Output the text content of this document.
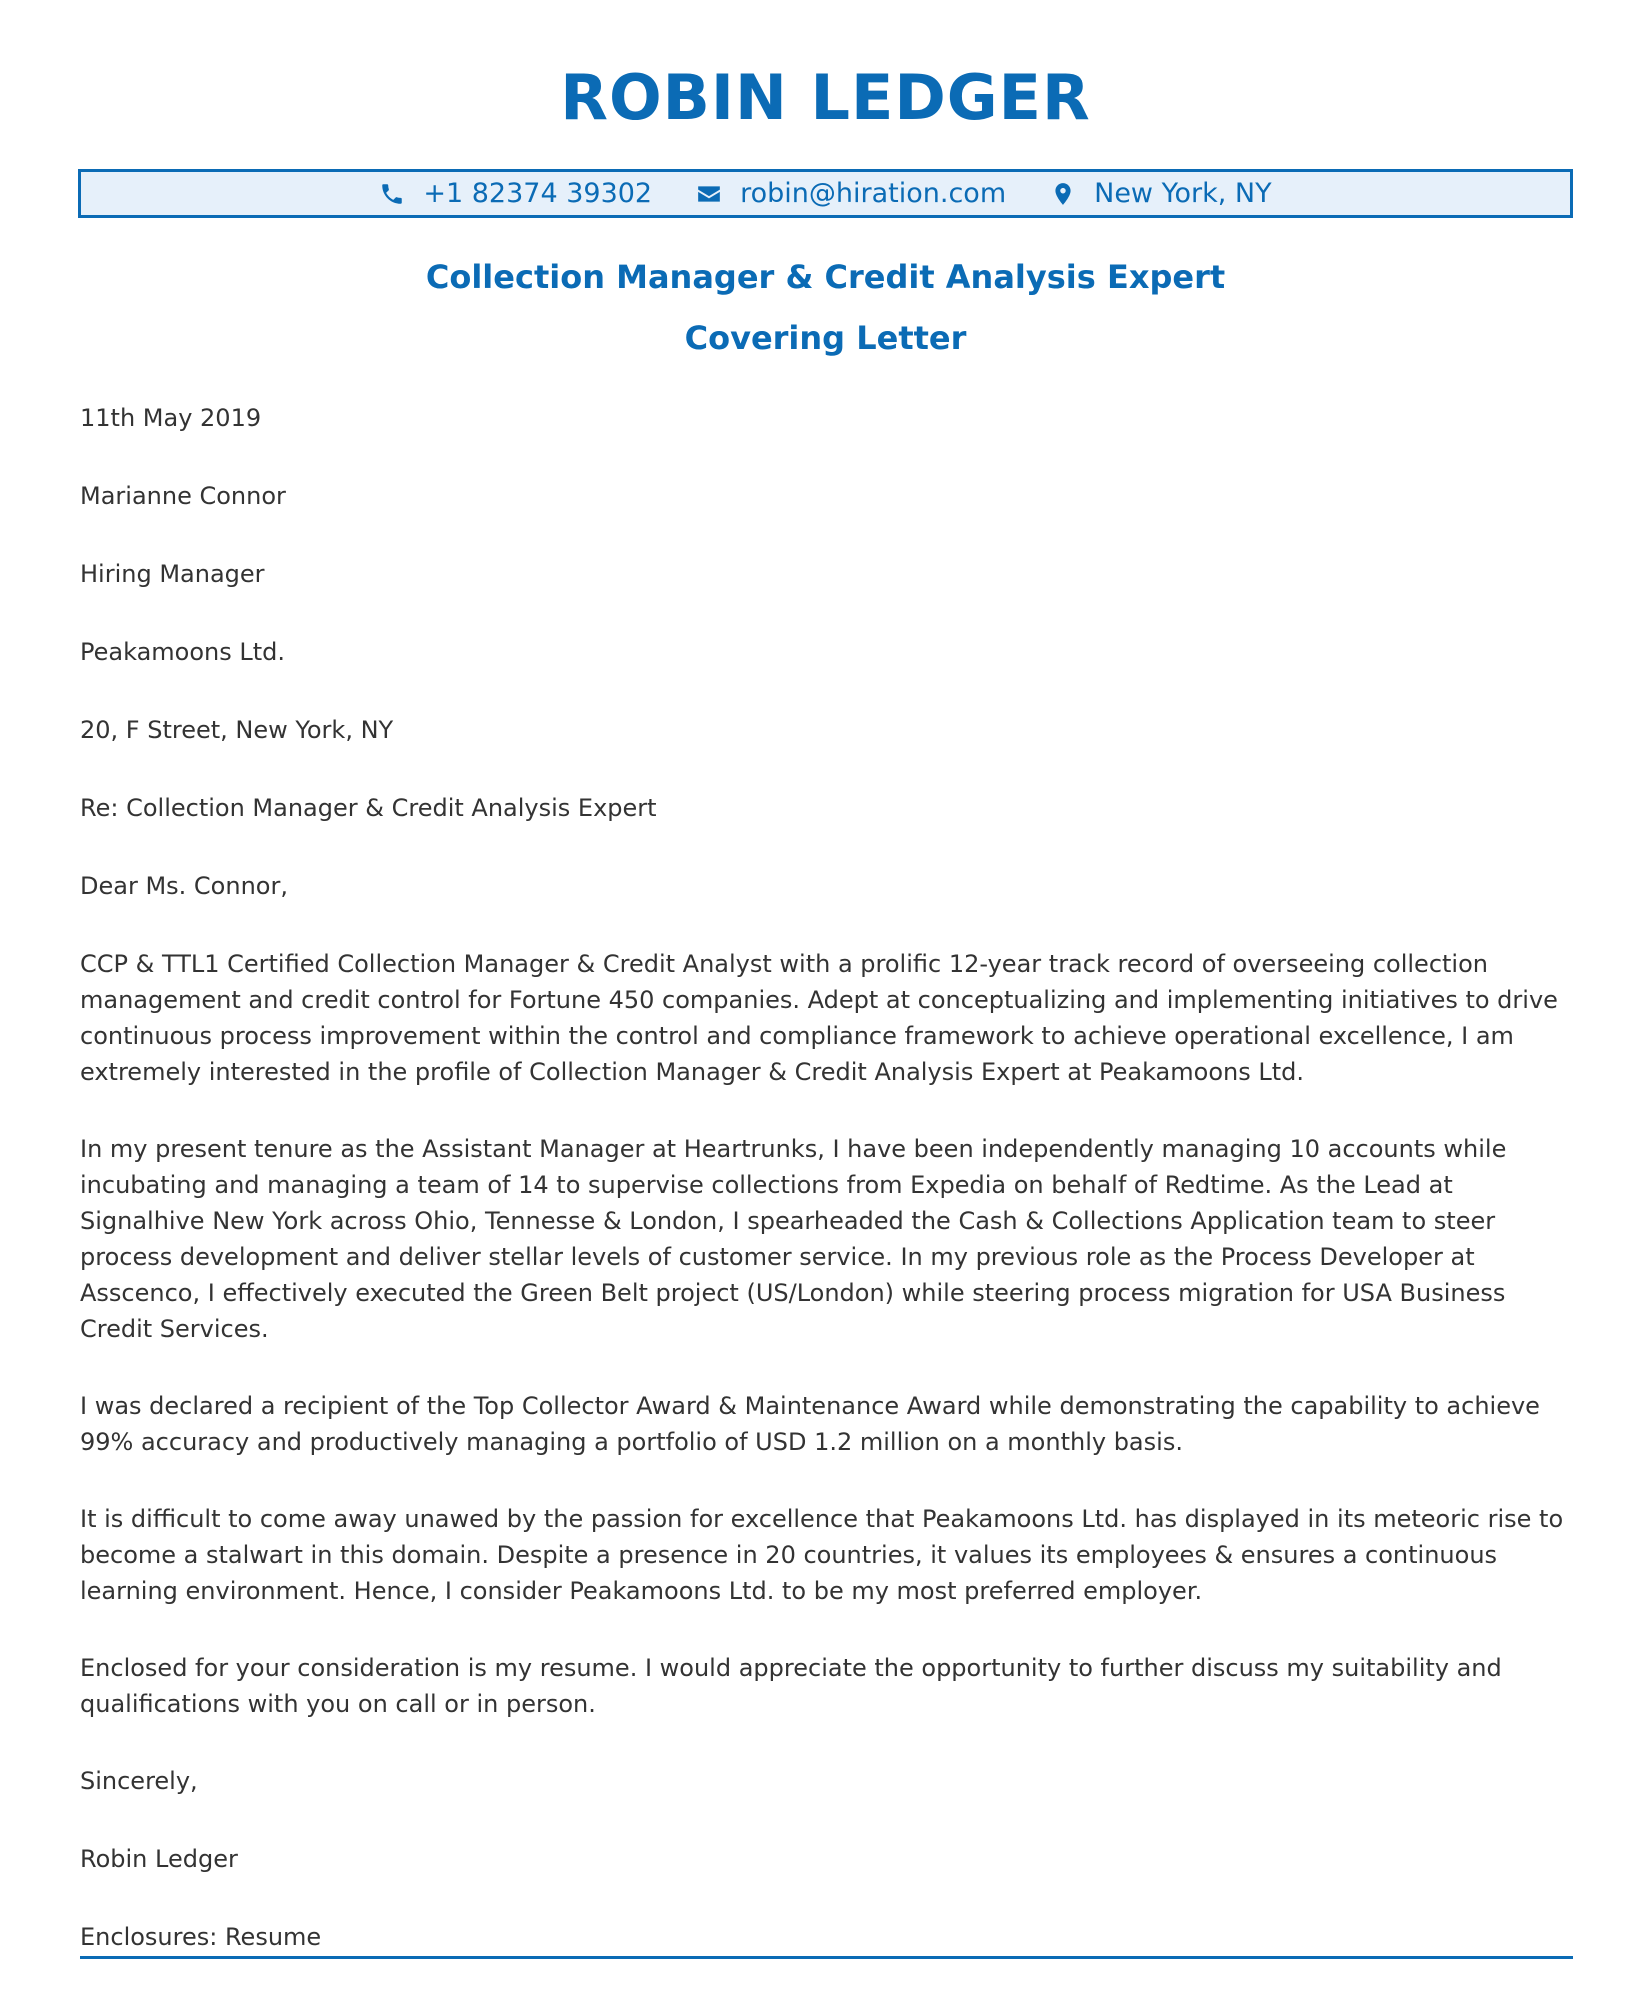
ROBIN LEDGER
+1 82374 39302	robin@hiration.com	New York, NY
Collection Manager & Credit Analysis Expert
Covering Letter

11th May 2019

Marianne Connor

Hiring Manager

Peakamoons Ltd.

20, F Street, New York, NY

Re: Collection Manager & Credit Analysis Expert

Dear Ms. Connor,

CCP & TTL1 Certified Collection Manager & Credit Analyst with a prolific 12-year track record of overseeing collection management and credit control for Fortune 450 companies. Adept at conceptualizing and implementing initiatives to drive continuous process improvement within the control and compliance framework to achieve operational excellence, I am extremely interested in the profile of Collection Manager & Credit Analysis Expert at Peakamoons Ltd.

In my present tenure as the Assistant Manager at Heartrunks, I have been independently managing 10 accounts while incubating and managing a team of 14 to supervise collections from Expedia on behalf of Redtime. As the Lead at Signalhive New York across Ohio, Tennesse & London, I spearheaded the Cash & Collections Application team to steer process development and deliver stellar levels of customer service. In my previous role as the Process Developer at Asscenco, I effectively executed the Green Belt project (US/London) while steering process migration for USA Business Credit Services.

I was declared a recipient of the Top Collector Award & Maintenance Award while demonstrating the capability to achieve 99% accuracy and productively managing a portfolio of USD 1.2 million on a monthly basis.

It is difficult to come away unawed by the passion for excellence that Peakamoons Ltd. has displayed in its meteoric rise to become a stalwart in this domain. Despite a presence in 20 countries, it values its employees & ensures a continuous learning environment. Hence, I consider Peakamoons Ltd. to be my most preferred employer.

Enclosed for your consideration is my resume. I would appreciate the opportunity to further discuss my suitability and qualifications with you on call or in person.

Sincerely,

Robin Ledger

Enclosures: Resume
